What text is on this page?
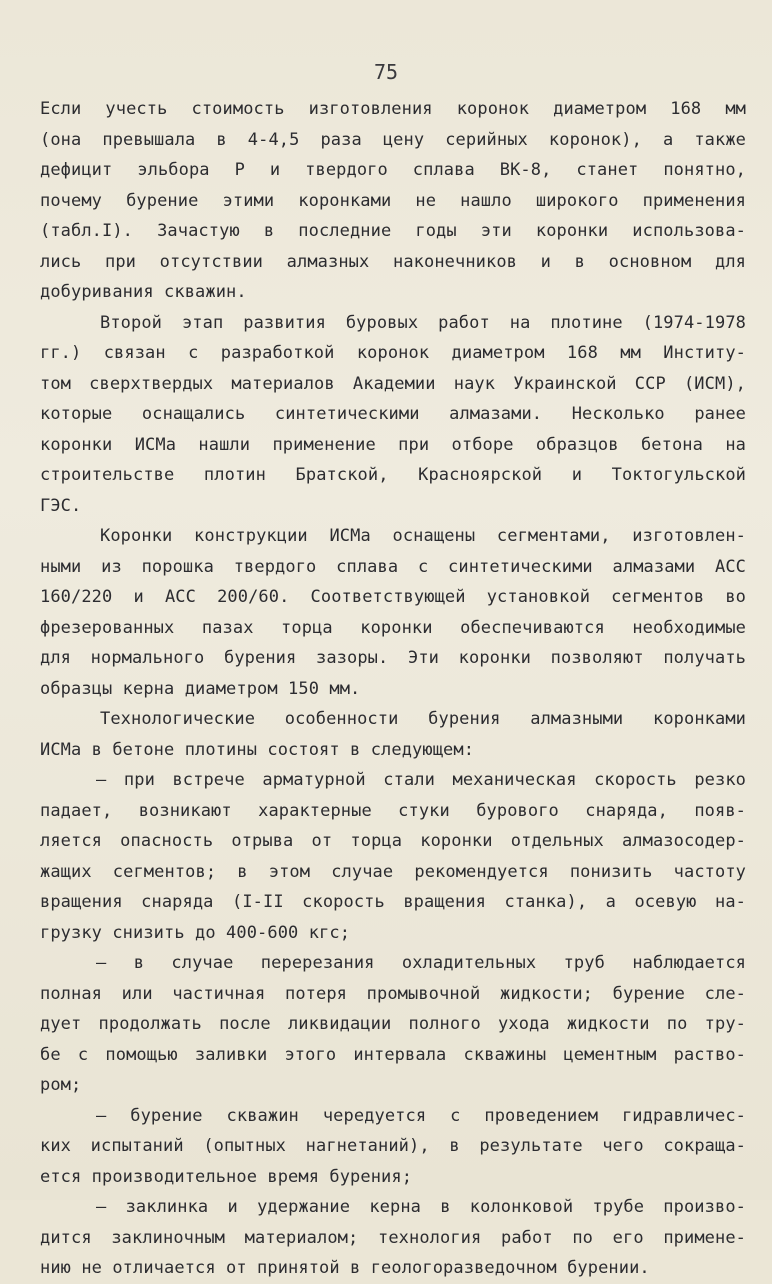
75
Если учесть стоимость изготовления коронок диаметром 168 мм
(она превышала в 4-4,5 раза цену серийных коронок), а также
дефицит эльбора Р и твердого сплава ВК-8, станет понятно,
почему бурение этими коронками не нашло широкого применения
(табл.I). Зачастую в последние годы эти коронки использова-
лись при отсутствии алмазных наконечников и в основном для
добуривания скважин.
Второй этап развития буровых работ на плотине (1974-1978
гг.) связан с разработкой коронок диаметром 168 мм Институ-
том сверхтвердых материалов Академии наук Украинской ССР (ИСМ),
которые оснащались синтетическими алмазами. Несколько ранее
коронки ИСМа нашли применение при отборе образцов бетона на
строительстве плотин Братской, Красноярской и Токтогульской
ГЭС.
Коронки конструкции ИСМа оснащены сегментами, изготовлен-
ными из порошка твердого сплава с синтетическими алмазами АСС
160/220 и АСС 200/60. Соответствующей установкой сегментов во
фрезерованных пазах торца коронки обеспечиваются необходимые
для нормального бурения зазоры. Эти коронки позволяют получать
образцы керна диаметром 150 мм.
Технологические особенности бурения алмазными коронками
ИСМа в бетоне плотины состоят в следующем:
– при встрече арматурной стали механическая скорость резко
падает, возникают характерные стуки бурового снаряда, появ-
ляется опасность отрыва от торца коронки отдельных алмазосодер-
жащих сегментов; в этом случае рекомендуется понизить частоту
вращения снаряда (I-II скорость вращения станка), а осевую на-
грузку снизить до 400-600 кгс;
– в случае перерезания охладительных труб наблюдается
полная или частичная потеря промывочной жидкости; бурение сле-
дует продолжать после ликвидации полного ухода жидкости по тру-
бе с помощью заливки этого интервала скважины цементным раство-
ром;
– бурение скважин чередуется с проведением гидравличес-
ких испытаний (опытных нагнетаний), в результате чего сокраща-
ется производительное время бурения;
– заклинка и удержание керна в колонковой трубе произво-
дится заклиночным материалом; технология работ по его примене-
нию не отличается от принятой в геологоразведочном бурении.
